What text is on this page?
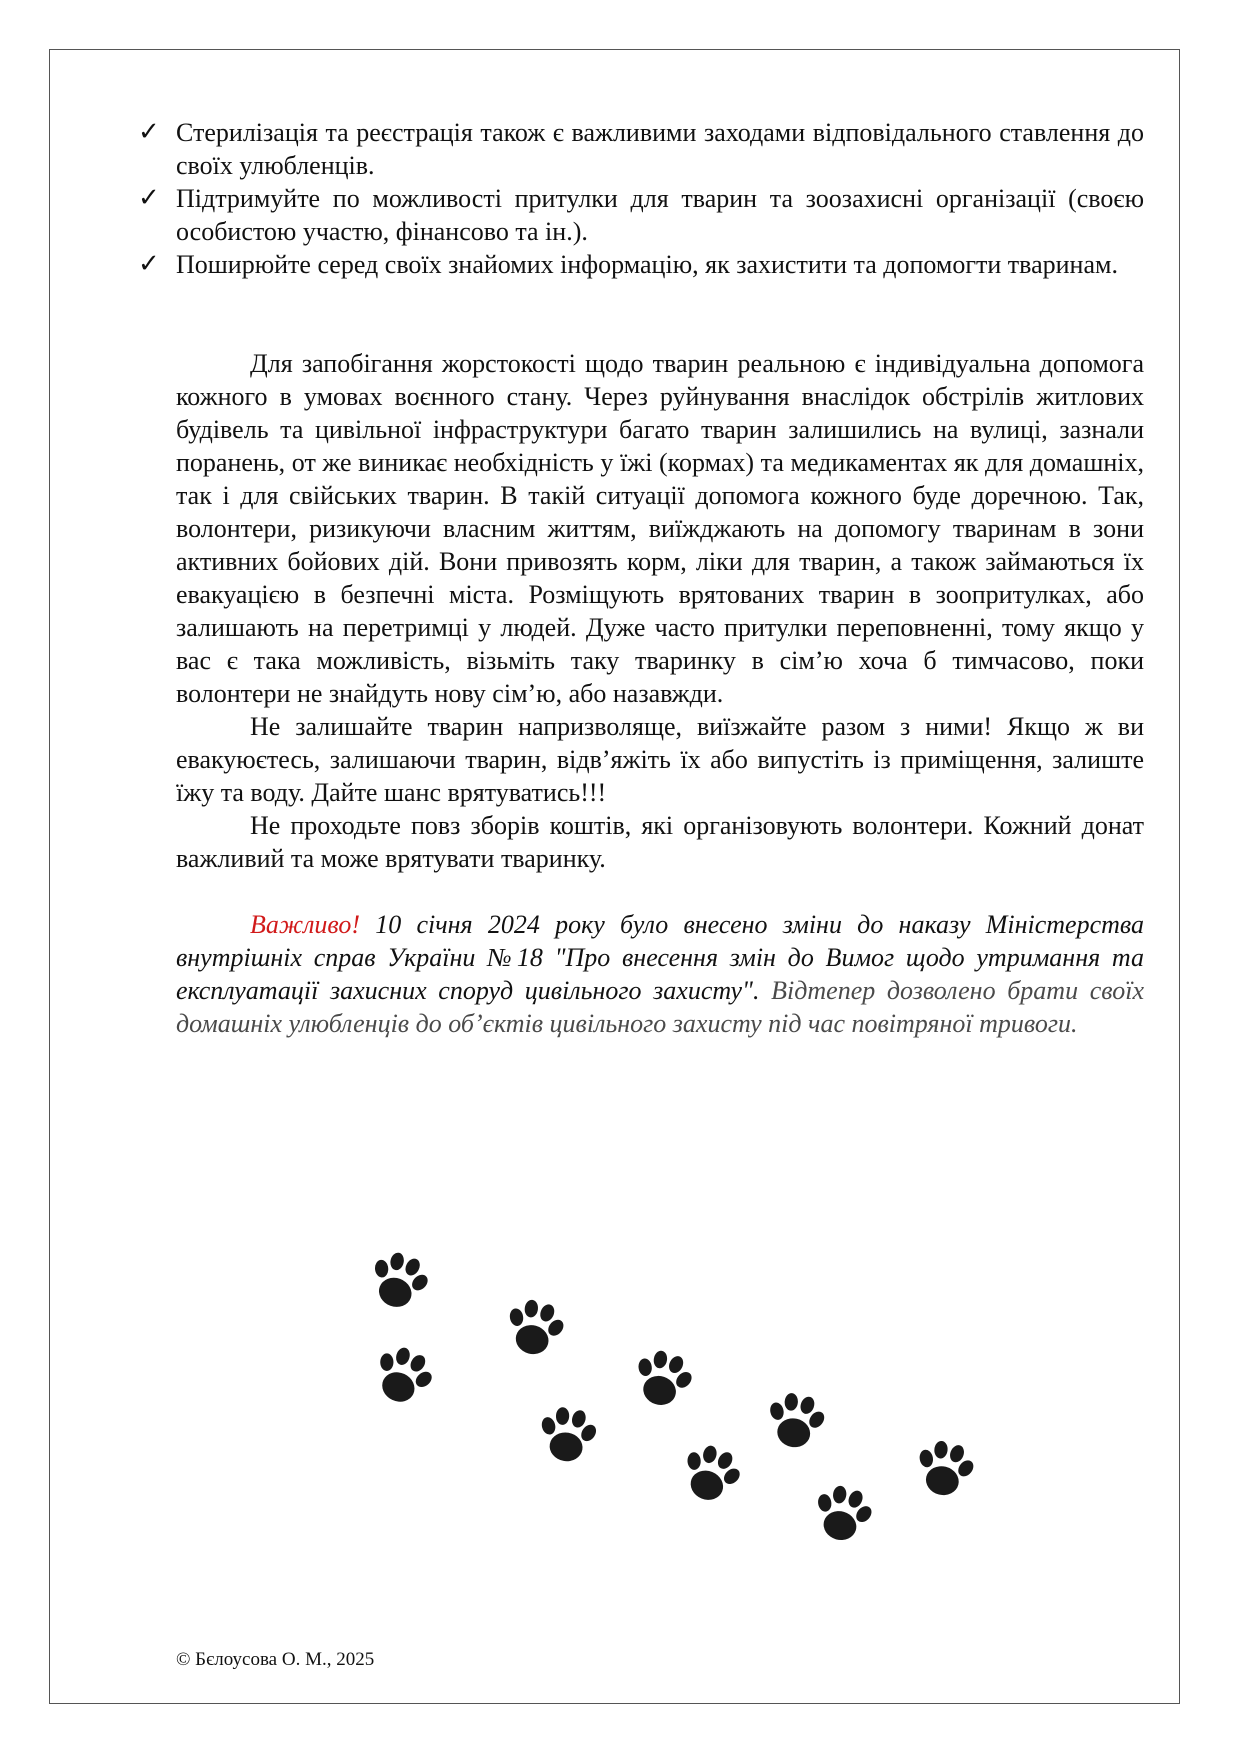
✓ Стерилізація та реєстрація також є важливими заходами відповідального ставлення до своїх улюбленців.
✓ Підтримуйте по можливості притулки для тварин та зоозахисні організації (своєю особистою участю, фінансово та ін.).
✓ Поширюйте серед своїх знайомих інформацію, як захистити та допомогти тваринам.

Для запобігання жорстокості щодо тварин реальною є індивідуальна допомога кожного в умовах воєнного стану. Через руйнування внаслідок обстрілів житлових будівель та цивільної інфраструктури багато тварин залишились на вулиці, зазнали поранень, от же виникає необхідність у їжі (кормах) та медикаментах як для домашніх, так і для свійських тварин. В такій ситуації допомога кожного буде доречною. Так, волонтери, ризикуючи власним життям, виїжджають на допомогу тваринам в зони активних бойових дій. Вони привозять корм, ліки для тварин, а також займаються їх евакуацією в безпечні міста. Розміщують врятованих тварин в зоопритулках, або залишають на перетримці у людей. Дуже часто притулки переповненні, тому якщо у вас є така можливість, візьміть таку тваринку в сім’ю хоча б тимчасово, поки волонтери не знайдуть нову сім’ю, або назавжди.

Не залишайте тварин напризволяще, виїзжайте разом з ними! Якщо ж ви евакуюєтесь, залишаючи тварин, відв’яжіть їх або випустіть із приміщення, залиште їжу та воду. Дайте шанс врятуватись!!!

Не проходьте повз зборів коштів, які організовують волонтери. Кожний донат важливий та може врятувати тваринку.

Важливо! 10 січня 2024 року було внесено зміни до наказу Міністерства внутрішніх справ України №18 "Про внесення змін до Вимог щодо утримання та експлуатації захисних споруд цивільного захисту". Відтепер дозволено брати своїх домашніх улюбленців до об’єктів цивільного захисту під час повітряної тривоги.

© Бєлоусова О. М., 2025
